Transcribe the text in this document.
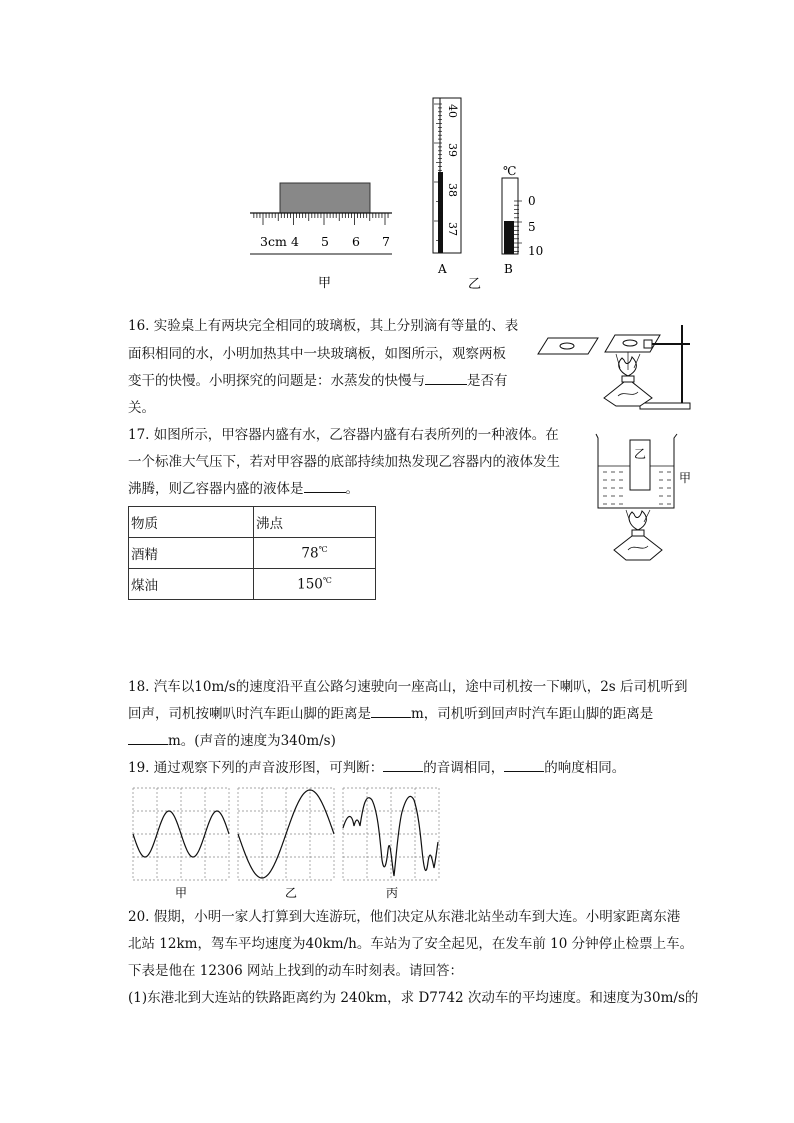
3cm 4 5 6 7
甲
40
39
38
37
A
乙
℃
0
5
10
B
16. 实验桌上有两块完全相同的玻璃板，其上分别滴有等量的、表
面积相同的水，小明加热其中一块玻璃板，如图所示，观察两板
变干的快慢。小明探究的问题是：水蒸发的快慢与	是否有
关。
17. 如图所示，甲容器内盛有水，乙容器内盛有右表所列的一种液体。在
一个标准大气压下，若对甲容器的底部持续加热发现乙容器内的液体发生
沸腾，则乙容器内盛的液体是	。
物质	沸点
酒精	78℃
煤油	150℃
乙
甲
18. 汽车以10m/s的速度沿平直公路匀速驶向一座高山，途中司机按一下喇叭，2s 后司机听到
回声，司机按喇叭时汽车距山脚的距离是	m，司机听到回声时汽车距山脚的距离是
m。(声音的速度为340m/s)
19. 通过观察下列的声音波形图，可判断：	的音调相同，	的响度相同。
甲	乙	丙
20. 假期，小明一家人打算到大连游玩，他们决定从东港北站坐动车到大连。小明家距离东港
北站 12km，驾车平均速度为40km/h。车站为了安全起见，在发车前 10 分钟停止检票上车。
下表是他在 12306 网站上找到的动车时刻表。请回答：
(1)东港北到大连站的铁路距离约为 240km，求 D7742 次动车的平均速度。和速度为30m/s的
